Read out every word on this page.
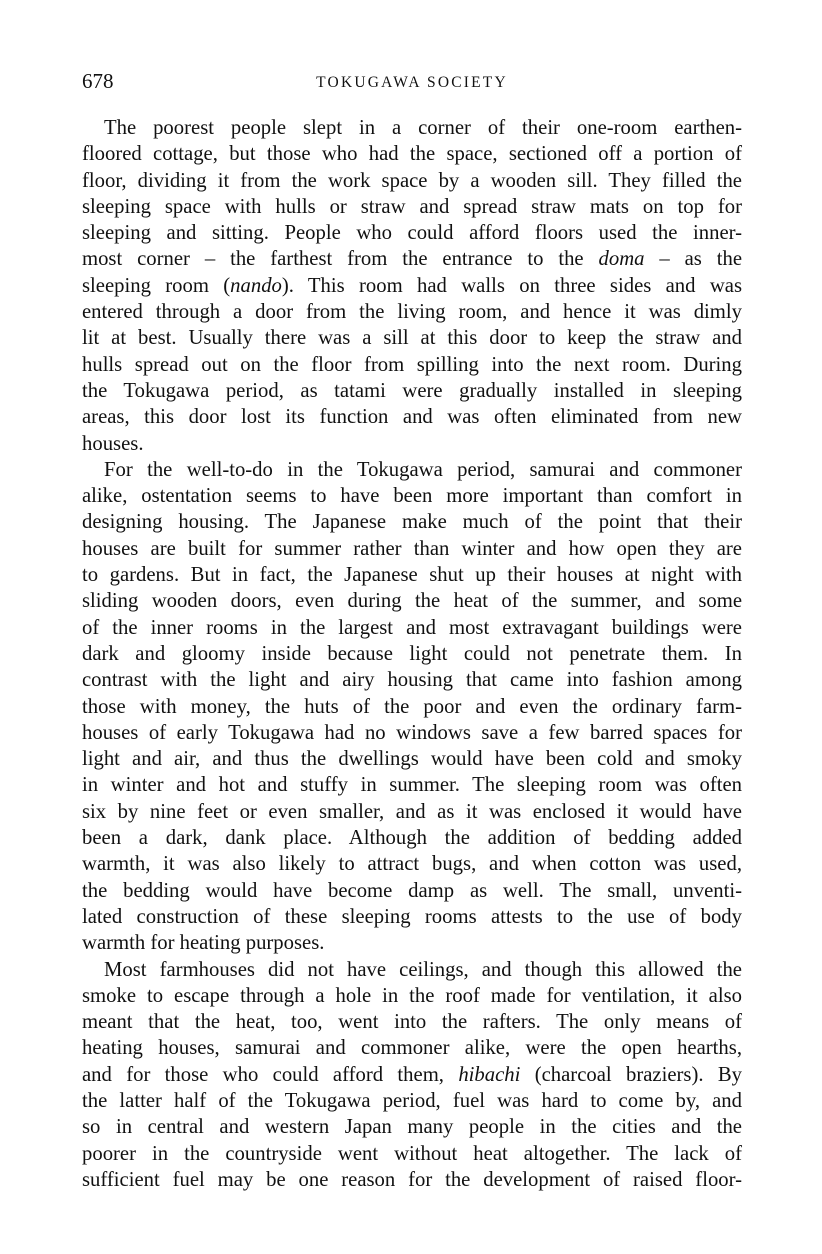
678	TOKUGAWA SOCIETY
The poorest people slept in a corner of their one-room earthen-
floored cottage, but those who had the space, sectioned off a portion of
floor, dividing it from the work space by a wooden sill. They filled the
sleeping space with hulls or straw and spread straw mats on top for
sleeping and sitting. People who could afford floors used the inner-
most corner – the farthest from the entrance to the doma – as the
sleeping room (nando). This room had walls on three sides and was
entered through a door from the living room, and hence it was dimly
lit at best. Usually there was a sill at this door to keep the straw and
hulls spread out on the floor from spilling into the next room. During
the Tokugawa period, as tatami were gradually installed in sleeping
areas, this door lost its function and was often eliminated from new
houses.
For the well-to-do in the Tokugawa period, samurai and commoner
alike, ostentation seems to have been more important than comfort in
designing housing. The Japanese make much of the point that their
houses are built for summer rather than winter and how open they are
to gardens. But in fact, the Japanese shut up their houses at night with
sliding wooden doors, even during the heat of the summer, and some
of the inner rooms in the largest and most extravagant buildings were
dark and gloomy inside because light could not penetrate them. In
contrast with the light and airy housing that came into fashion among
those with money, the huts of the poor and even the ordinary farm-
houses of early Tokugawa had no windows save a few barred spaces for
light and air, and thus the dwellings would have been cold and smoky
in winter and hot and stuffy in summer. The sleeping room was often
six by nine feet or even smaller, and as it was enclosed it would have
been a dark, dank place. Although the addition of bedding added
warmth, it was also likely to attract bugs, and when cotton was used,
the bedding would have become damp as well. The small, unventi-
lated construction of these sleeping rooms attests to the use of body
warmth for heating purposes.
Most farmhouses did not have ceilings, and though this allowed the
smoke to escape through a hole in the roof made for ventilation, it also
meant that the heat, too, went into the rafters. The only means of
heating houses, samurai and commoner alike, were the open hearths,
and for those who could afford them, hibachi (charcoal braziers). By
the latter half of the Tokugawa period, fuel was hard to come by, and
so in central and western Japan many people in the cities and the
poorer in the countryside went without heat altogether. The lack of
sufficient fuel may be one reason for the development of raised floor-
